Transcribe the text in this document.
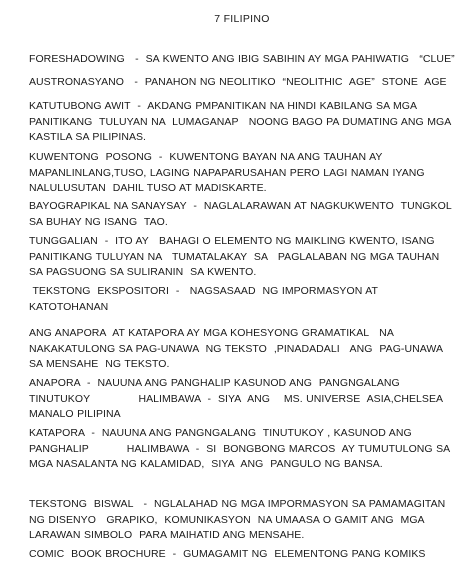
7 FILIPINO
FORESHADOWING   -  SA KWENTO ANG IBIG SABIHIN AY MGA PAHIWATIG   “CLUE”
AUSTRONASYANO   -  PANAHON NG NEOLITIKO  “NEOLITHIC  AGE”  STONE  AGE
KATUTUBONG AWIT  -  AKDANG PMPANITIKAN NA HINDI KABILANG SA MGA PANITIKANG  TULUYAN NA  LUMAGANAP   NOONG BAGO PA DUMATING ANG MGA KASTILA SA PILIPINAS.
KUWENTONG  POSONG  -  KUWENTONG BAYAN NA ANG TAUHAN AY MAPANLINLANG,TUSO, LAGING NAPAPARUSAHAN PERO LAGI NAMAN IYANG NALULUSUTAN  DAHIL TUSO AT MADISKARTE.
BAYOGRAPIKAL NA SANAYSAY  -  NAGLALARAWAN AT NAGKUKWENTO  TUNGKOL SA BUHAY NG ISANG  TAO.
TUNGGALIAN  -  ITO AY   BAHAGI O ELEMENTO NG MAIKLING KWENTO, ISANG PANITIKANG TULUYAN NA   TUMATALAKAY  SA   PAGLALABAN NG MGA TAUHAN  SA PAGSUONG SA SULIRANIN  SA KWENTO.
TEKSTONG  EKSPOSITORI  -   NAGSASAAD  NG IMPORMASYON AT  KATOTOHANAN
ANG ANAPORA  AT KATAPORA AY MGA KOHESYONG GRAMATIKAL   NA NAKAKATULONG SA PAG-UNAWA  NG TEKSTO  ,PINADADALI   ANG  PAG-UNAWA SA MENSAHE  NG TEKSTO.
ANAPORA  -  NAUUNA ANG PANGHALIP KASUNOD ANG  PANGNGALANG TINUTUKOY              HALIMBAWA  -  SIYA  ANG    MS. UNIVERSE  ASIA,CHELSEA MANALO PILIPINA
KATAPORA  -  NAUUNA ANG PANGNGALANG  TINUTUKOY , KASUNOD ANG PANGHALIP           HALIMBAWA  -  SI  BONGBONG MARCOS  AY TUMUTULONG SA MGA NASALANTA NG KALAMIDAD,  SIYA  ANG  PANGULO NG BANSA.
TEKSTONG  BISWAL   -  NGLALAHAD NG MGA IMPORMASYON SA PAMAMAGITAN NG DISENYO   GRAPIKO,  KOMUNIKASYON  NA UMAASA O GAMIT ANG  MGA LARAWAN SIMBOLO  PARA MAIHATID ANG MENSAHE.
COMIC  BOOK BROCHURE  -  GUMAGAMIT NG  ELEMENTONG PANG KOMIKS
